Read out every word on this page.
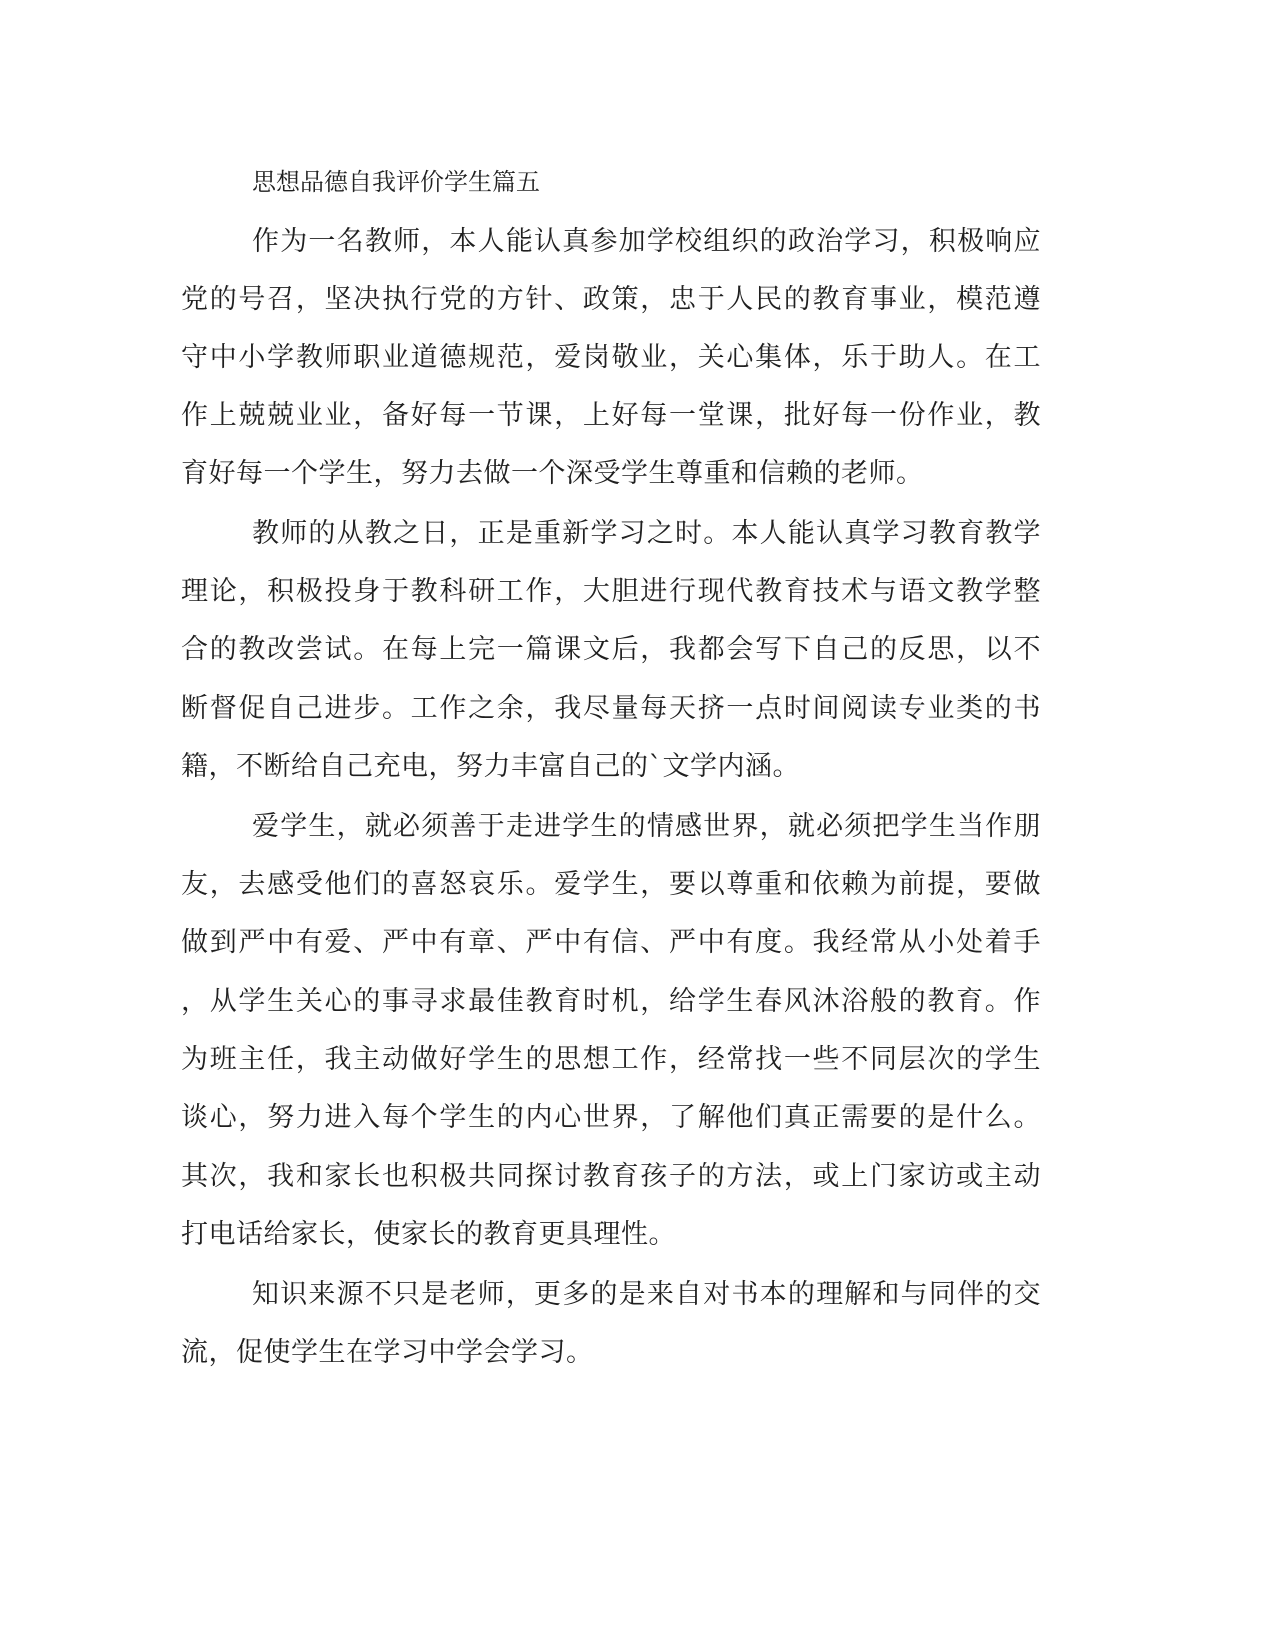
思想品德自我评价学生篇五
作为一名教师，本人能认真参加学校组织的政治学习，积极响应
党的号召，坚决执行党的方针、政策，忠于人民的教育事业，模范遵
守中小学教师职业道德规范，爱岗敬业，关心集体，乐于助人。在工
作上兢兢业业，备好每一节课，上好每一堂课，批好每一份作业，教
育好每一个学生，努力去做一个深受学生尊重和信赖的老师。
教师的从教之日，正是重新学习之时。本人能认真学习教育教学
理论，积极投身于教科研工作，大胆进行现代教育技术与语文教学整
合的教改尝试。在每上完一篇课文后，我都会写下自己的反思，以不
断督促自己进步。工作之余，我尽量每天挤一点时间阅读专业类的书
籍，不断给自己充电，努力丰富自己的`文学内涵。
爱学生，就必须善于走进学生的情感世界，就必须把学生当作朋
友，去感受他们的喜怒哀乐。爱学生，要以尊重和依赖为前提，要做
做到严中有爱、严中有章、严中有信、严中有度。我经常从小处着手
，从学生关心的事寻求最佳教育时机，给学生春风沐浴般的教育。作
为班主任，我主动做好学生的思想工作，经常找一些不同层次的学生
谈心，努力进入每个学生的内心世界，了解他们真正需要的是什么。
其次，我和家长也积极共同探讨教育孩子的方法，或上门家访或主动
打电话给家长，使家长的教育更具理性。
知识来源不只是老师，更多的是来自对书本的理解和与同伴的交
流，促使学生在学习中学会学习。
